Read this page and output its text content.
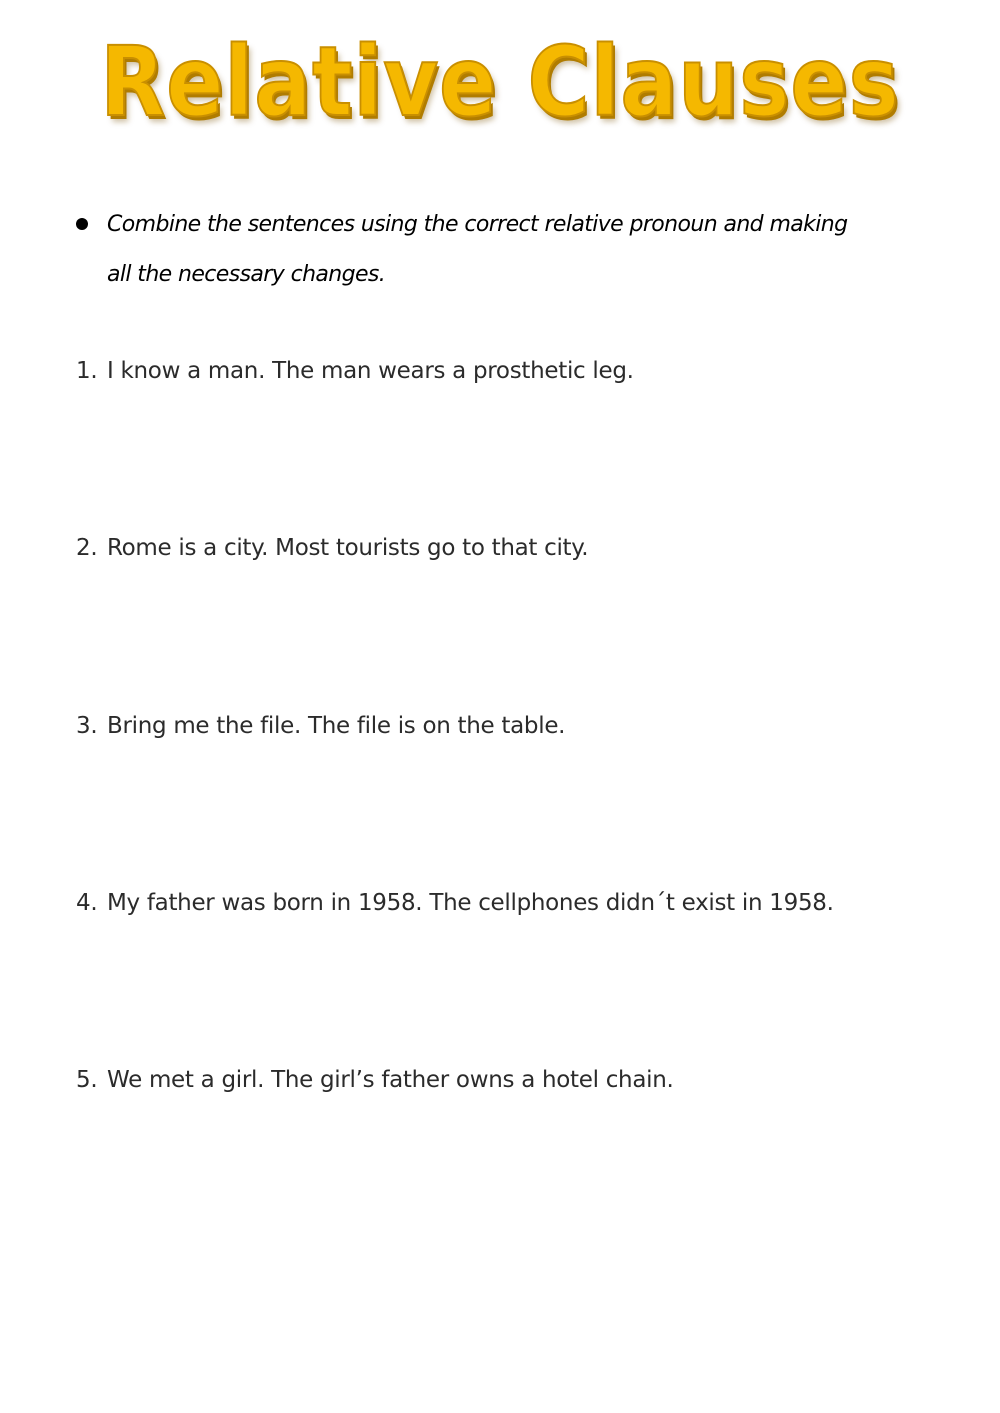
Relative Clauses
Combine the sentences using the correct relative pronoun and making all the necessary changes.
1. I know a man. The man wears a prosthetic leg.
2. Rome is a city. Most tourists go to that city.
3. Bring me the file. The file is on the table.
4. My father was born in 1958. The cellphones didn´t exist in 1958.
5. We met a girl. The girl’s father owns a hotel chain.
